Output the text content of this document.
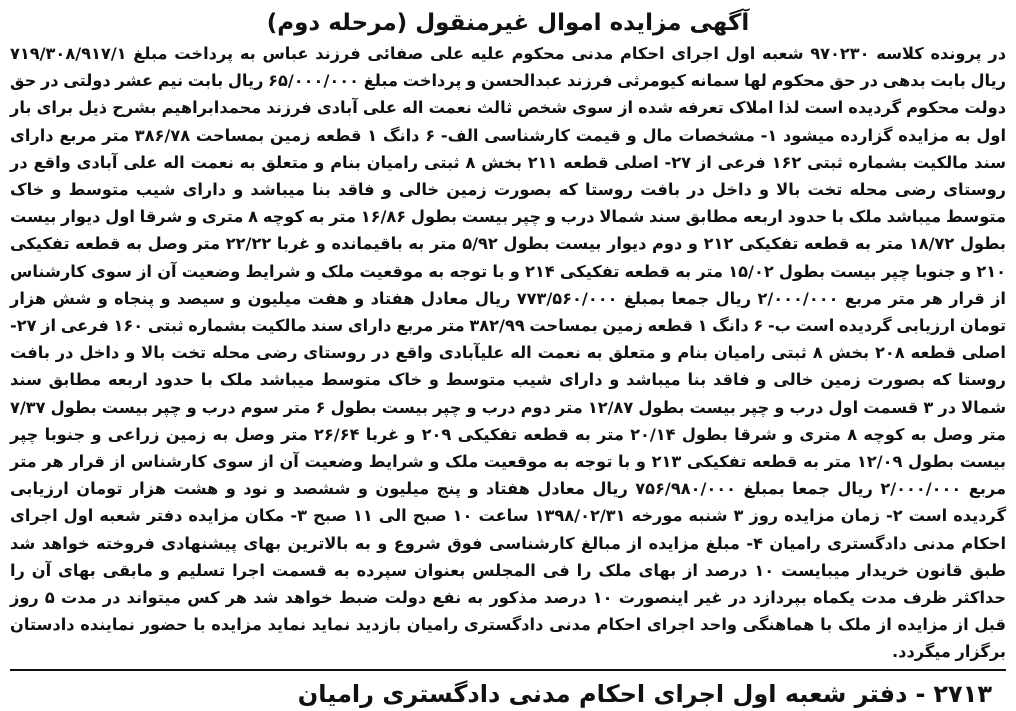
آگهی مزایده اموال غیرمنقول (مرحله دوم)

در پرونده کلاسه ۹۷۰۲۳۰ شعبه اول اجرای احکام مدنی محکوم علیه علی صفائی فرزند عباس به پرداخت مبلغ ۷۱۹/۳۰۸/۹۱۷/۱ ریال بابت بدهی در حق محکوم لها سمانه کیومرثی فرزند عبدالحسن و پرداخت مبلغ ۶۵/۰۰۰/۰۰۰ ریال بابت نیم عشر دولتی در حق دولت محکوم گردیده است لذا املاک تعرفه شده از سوی شخص ثالث نعمت اله علی آبادی فرزند محمدابراهیم بشرح ذیل برای بار اول به مزایده گزارده میشود ۱- مشخصات مال و قیمت کارشناسی الف- ۶ دانگ ۱ قطعه زمین بمساحت ۳۸۶/۷۸ متر مربع دارای سند مالکیت بشماره ثبتی ۱۶۲ فرعی از ۲۷- اصلی قطعه ۲۱۱ بخش ۸ ثبتی رامیان بنام و متعلق به نعمت اله علی آبادی واقع در روستای رضی محله تخت بالا و داخل در بافت روستا که بصورت زمین خالی و فاقد بنا میباشد و دارای شیب متوسط و خاک متوسط میباشد ملک با حدود اربعه مطابق سند شمالا درب و چپر بیست بطول ۱۶/۸۶ متر به کوچه ۸ متری و شرقا اول دیوار بیست بطول ۱۸/۷۲ متر به قطعه تفکیکی ۲۱۲ و دوم دیوار بیست بطول ۵/۹۲ متر به باقیمانده و غربا ۲۲/۲۲ متر وصل به قطعه تفکیکی ۲۱۰ و جنوبا چپر بیست بطول ۱۵/۰۲ متر به قطعه تفکیکی ۲۱۴ و با توجه به موقعیت ملک و شرایط وضعیت آن از سوی کارشناس از قرار هر متر مربع ۲/۰۰۰/۰۰۰ ریال جمعا بمبلغ ۷۷۳/۵۶۰/۰۰۰ ریال معادل هفتاد و هفت میلیون و سیصد و پنجاه و شش هزار تومان ارزیابی گردیده است ب- ۶ دانگ ۱ قطعه زمین بمساحت ۳۸۲/۹۹ متر مربع دارای سند مالکیت بشماره ثبتی ۱۶۰ فرعی از ۲۷- اصلی قطعه ۲۰۸ بخش ۸ ثبتی رامیان بنام و متعلق به نعمت اله علیآبادی واقع در روستای رضی محله تخت بالا و داخل در بافت روستا که بصورت زمین خالی و فاقد بنا میباشد و دارای شیب متوسط و خاک متوسط میباشد ملک با حدود اربعه مطابق سند شمالا در ۳ قسمت اول درب و چپر بیست بطول ۱۲/۸۷ متر دوم درب و چپر بیست بطول ۶ متر سوم درب و چپر بیست بطول ۷/۳۷ متر وصل به کوچه ۸ متری و شرقا بطول ۲۰/۱۴ متر به قطعه تفکیکی ۲۰۹ و غربا ۲۶/۶۴ متر وصل به زمین زراعی و جنوبا چپر بیست بطول ۱۲/۰۹ متر به قطعه تفکیکی ۲۱۳ و با توجه به موقعیت ملک و شرایط وضعیت آن از سوی کارشناس از قرار هر متر مربع ۲/۰۰۰/۰۰۰ ریال جمعا بمبلغ ۷۵۶/۹۸۰/۰۰۰ ریال معادل هفتاد و پنج میلیون و ششصد و نود و هشت هزار تومان ارزیابی گردیده است ۲- زمان مزایده روز ۳ شنبه مورخه ۱۳۹۸/۰۲/۳۱ ساعت ۱۰ صبح الی ۱۱ صبح ۳- مکان مزایده دفتر شعبه اول اجرای احکام مدنی دادگستری رامیان ۴- مبلغ مزایده از مبالغ کارشناسی فوق شروع و به بالاترین بهای پیشنهادی فروخته خواهد شد طبق قانون خریدار میبایست ۱۰ درصد از بهای ملک را فی المجلس بعنوان سپرده به قسمت اجرا تسلیم و مابقی بهای آن را حداکثر ظرف مدت یکماه بپردازد در غیر اینصورت ۱۰ درصد مذکور به نفع دولت ضبط خواهد شد هر کس میتواند در مدت ۵ روز قبل از مزایده از ملک با هماهنگی واحد اجرای احکام مدنی دادگستری رامیان بازدید نماید نماید مزایده با حضور نماینده دادستان برگزار میگردد.

۲۷۱۳
-
دفتر شعبه اول اجرای احکام مدنی دادگستری رامیان
